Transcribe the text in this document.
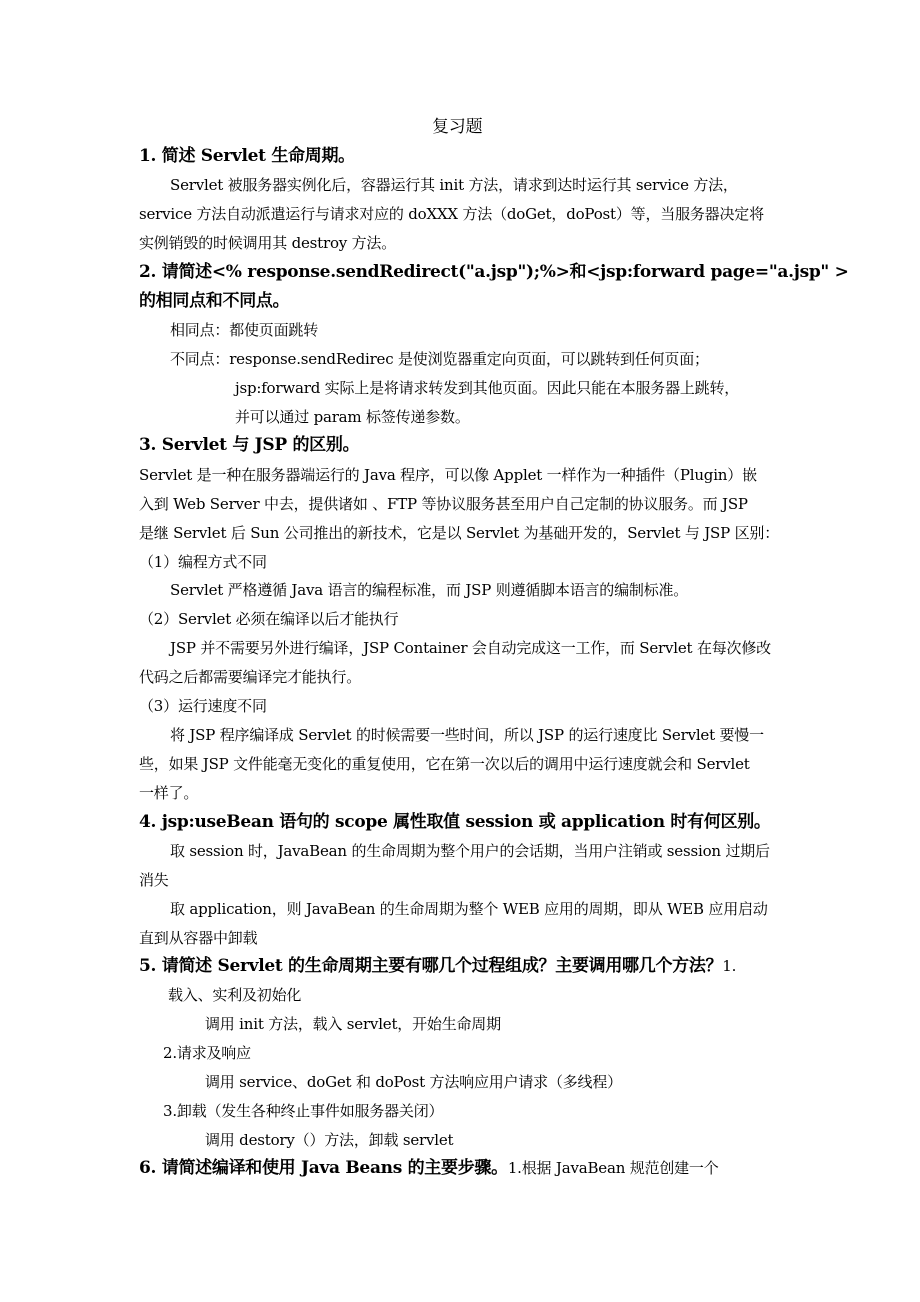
复习题
1. 简述 Servlet 生命周期。
Servlet 被服务器实例化后，容器运行其 init 方法，请求到达时运行其 service 方法，
service 方法自动派遣运行与请求对应的 doXXX 方法（doGet，doPost）等，当服务器决定将
实例销毁的时候调用其 destroy 方法。
2. 请简述<% response.sendRedirect("a.jsp");%>和<jsp:forward page="a.jsp" >
的相同点和不同点。
相同点：都使页面跳转
不同点：response.sendRedirec 是使浏览器重定向页面，可以跳转到任何页面；
jsp:forward 实际上是将请求转发到其他页面。因此只能在本服务器上跳转，
并可以通过 param 标签传递参数。
3. Servlet 与 JSP 的区别。
Servlet 是一种在服务器端运行的 Java 程序，可以像 Applet 一样作为一种插件（Plugin）嵌
入到 Web Server 中去，提供诸如 、FTP 等协议服务甚至用户自己定制的协议服务。而 JSP
是继 Servlet 后 Sun 公司推出的新技术，它是以 Servlet 为基础开发的，Servlet 与 JSP 区别：
（1）编程方式不同
Servlet 严格遵循 Java 语言的编程标准，而 JSP 则遵循脚本语言的编制标准。
（2）Servlet 必须在编译以后才能执行
JSP 并不需要另外进行编译，JSP Container 会自动完成这一工作，而 Servlet 在每次修改
代码之后都需要编译完才能执行。
（3）运行速度不同
将 JSP 程序编译成 Servlet 的时候需要一些时间，所以 JSP 的运行速度比 Servlet 要慢一
些，如果 JSP 文件能毫无变化的重复使用，它在第一次以后的调用中运行速度就会和 Servlet
一样了。
4. jsp:useBean 语句的 scope 属性取值 session 或 application 时有何区别。
取 session 时，JavaBean 的生命周期为整个用户的会话期，当用户注销或 session 过期后
消失
取 application，则 JavaBean 的生命周期为整个 WEB 应用的周期，即从 WEB 应用启动
直到从容器中卸载
5. 请简述 Servlet 的生命周期主要有哪几个过程组成？主要调用哪几个方法？1.
载入、实利及初始化
调用 init 方法，载入 servlet，开始生命周期
2.请求及响应
调用 service、doGet 和 doPost 方法响应用户请求（多线程）
3.卸载（发生各种终止事件如服务器关闭）
调用 destory（）方法，卸载 servlet
6. 请简述编译和使用 Java Beans 的主要步骤。1.根据 JavaBean 规范创建一个
